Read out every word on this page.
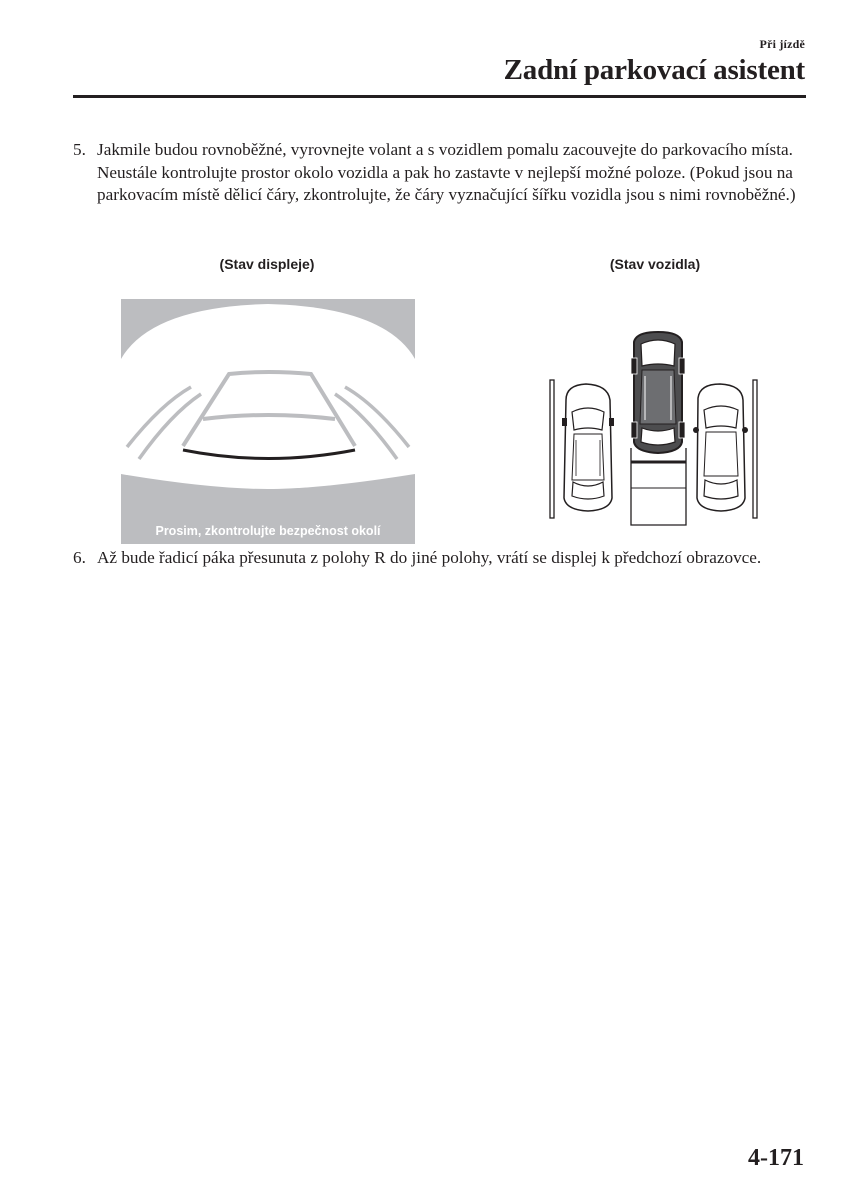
Při jízdě
Zadní parkovací asistent
5. Jakmile budou rovnoběžné, vyrovnejte volant a s vozidlem pomalu zacouvejte do parkovacího místa. Neustále kontrolujte prostor okolo vozidla a pak ho zastavte v nejlepší možné poloze. (Pokud jsou na parkovacím místě dělicí čáry, zkontrolujte, že čáry vyznačující šířku vozidla jsou s nimi rovnoběžné.)
(Stav displeje)	(Stav vozidla)
Prosim, zkontrolujte bezpečnost okolí
6. Až bude řadicí páka přesunuta z polohy R do jiné polohy, vrátí se displej k předchozí obrazovce.
4-171
